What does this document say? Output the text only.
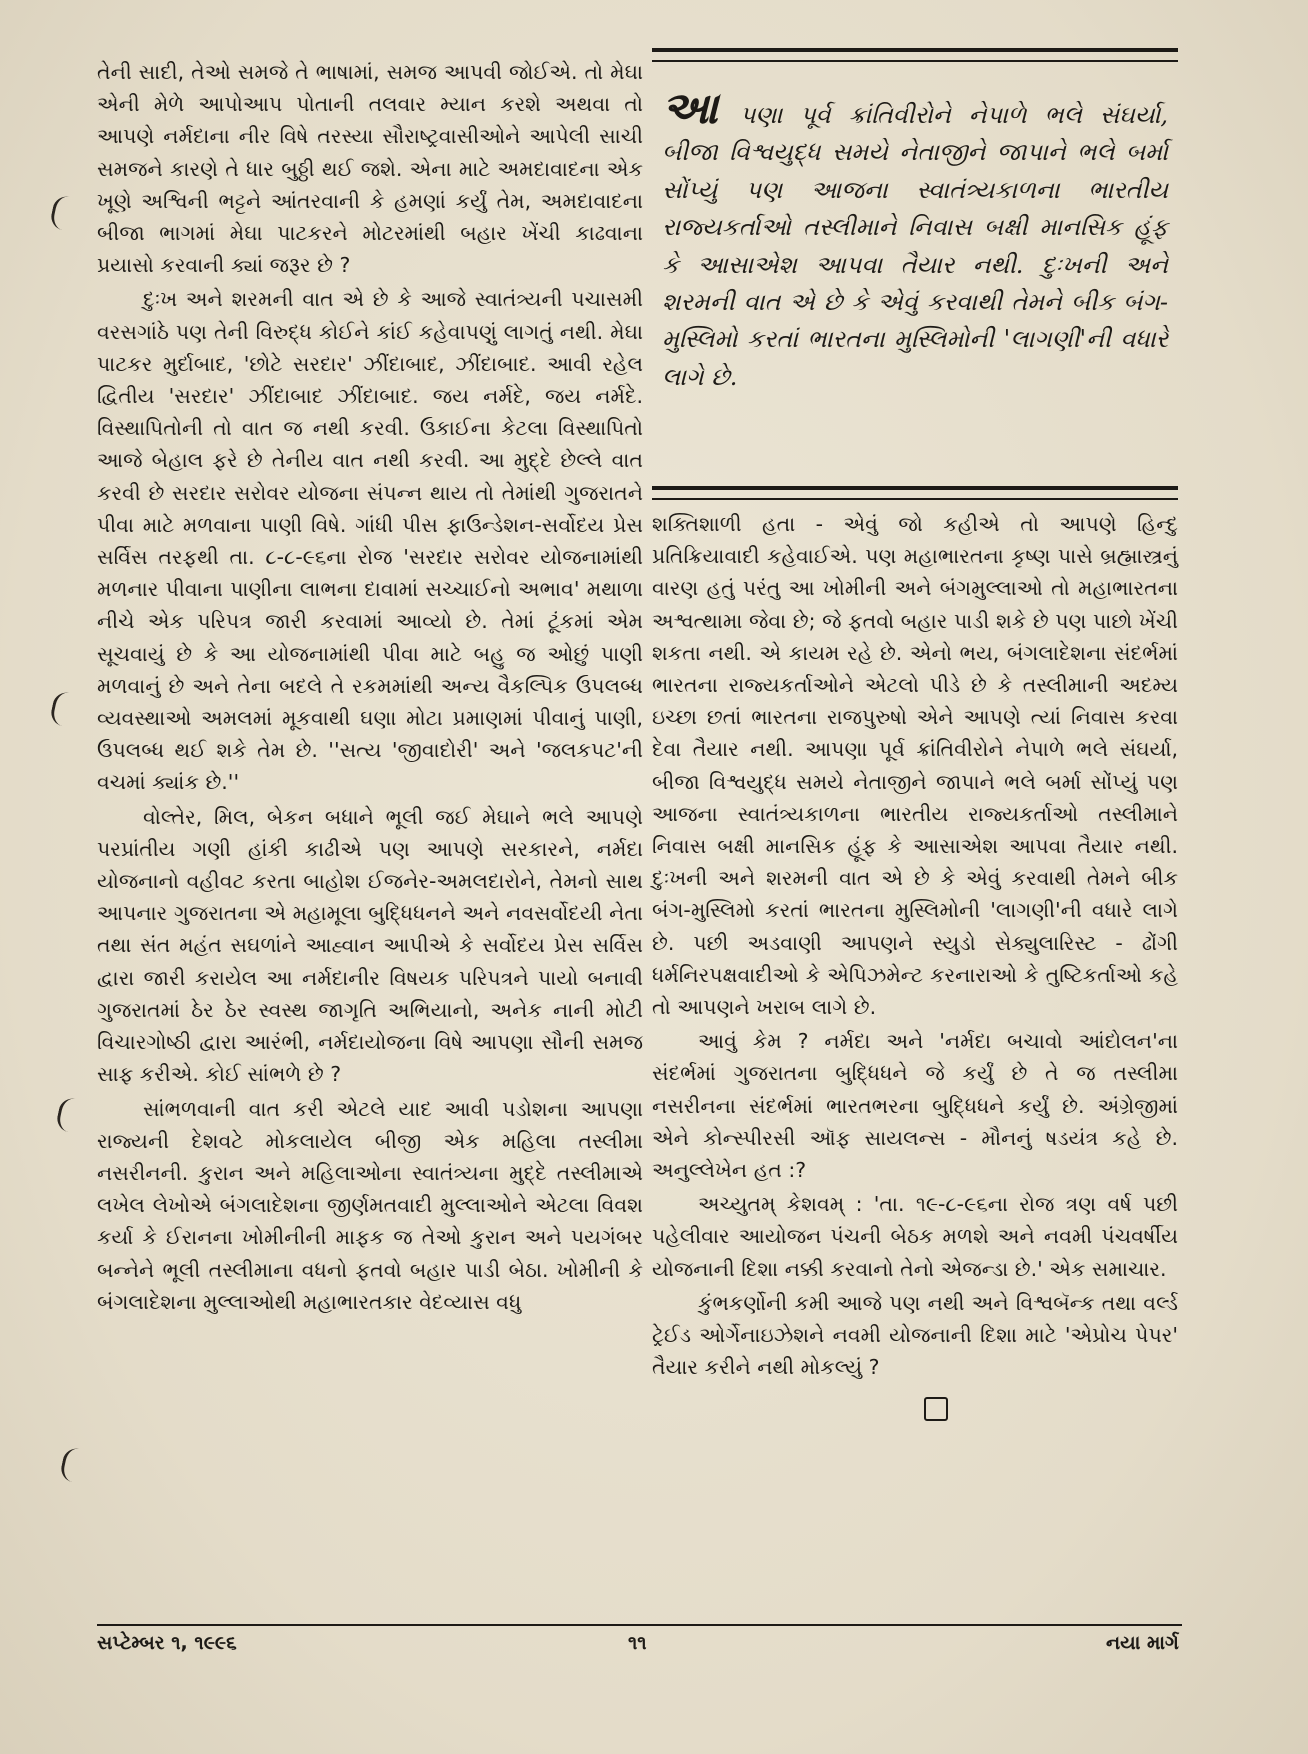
તેની સાદી, તેઓ સમજે તે ભાષામાં, સમજ આપવી જોઈએ. તો મેઘા એની મેળે આપોઆપ પોતાની તલવાર મ્યાન કરશે અથવા તો આપણે નર્મદાના નીર વિષે તરસ્યા સૌરાષ્ટ્રવાસીઓને આપેલી સાચી સમજને કારણે તે ધાર બુઠ્ઠી થઈ જશે. એના માટે અમદાવાદના એક ખૂણે અશ્વિની ભટ્ટને આંતરવાની કે હમણાં કર્યું તેમ, અમદાવાદના બીજા ભાગમાં મેઘા પાટકરને મોટરમાંથી બહાર ખેંચી કાઢવાના પ્રયાસો કરવાની ક્યાં જરૂર છે ?

દુઃખ અને શરમની વાત એ છે કે આજે સ્વાતંત્ર્યની પચાસમી વરસગાંઠે પણ તેની વિરુદ્ધ કોઈને કાંઈ કહેવાપણું લાગતું નથી. મેઘા પાટકર મુર્દાબાદ, 'છોટે સરદાર' ઝીંદાબાદ, ઝીંદાબાદ. આવી રહેલ દ્વિતીય 'સરદાર' ઝીંદાબાદ ઝીંદાબાદ. જય નર્મદે, જય નર્મદે. વિસ્થાપિતોની તો વાત જ નથી કરવી. ઉકાઈના કેટલા વિસ્થાપિતો આજે બેહાલ ફરે છે તેનીય વાત નથી કરવી. આ મુદ્દે છેલ્લે વાત કરવી છે સરદાર સરોવર યોજના સંપન્ન થાય તો તેમાંથી ગુજરાતને પીવા માટે મળવાના પાણી વિષે. ગાંધી પીસ ફાઉન્ડેશન-સર્વોદય પ્રેસ સર્વિસ તરફથી તા. ૮-૮-૯૬ના રોજ 'સરદાર સરોવર યોજનામાંથી મળનાર પીવાના પાણીના લાભના દાવામાં સચ્ચાઈનો અભાવ' મથાળા નીચે એક પરિપત્ર જારી કરવામાં આવ્યો છે. તેમાં ટૂંકમાં એમ સૂચવાયું છે કે આ યોજનામાંથી પીવા માટે બહુ જ ઓછું પાણી મળવાનું છે અને તેના બદલે તે રકમમાંથી અન્ય વૈકલ્પિક ઉપલબ્ધ વ્યવસ્થાઓ અમલમાં મૂકવાથી ઘણા મોટા પ્રમાણમાં પીવાનું પાણી, ઉપલબ્ધ થઈ શકે તેમ છે. ''સત્ય 'જીવાદોરી' અને 'જલકપટ'ની વચમાં ક્યાંક છે.''

વોલ્તેર, મિલ, બેકન બધાને ભૂલી જઈ મેઘાને ભલે આપણે પરપ્રાંતીય ગણી હાંકી કાઢીએ પણ આપણે સરકારને, નર્મદા યોજનાનો વહીવટ કરતા બાહોશ ઈજનેર-અમલદારોને, તેમનો સાથ આપનાર ગુજરાતના એ મહામૂલા બુદ્ધિધનને અને નવસર્વોદયી નેતા તથા સંત મહંત સઘળાંને આહ્વાન આપીએ કે સર્વોદય પ્રેસ સર્વિસ દ્વારા જારી કરાયેલ આ નર્મદાનીર વિષયક પરિપત્રને પાયો બનાવી ગુજરાતમાં ઠેર ઠેર સ્વસ્થ જાગૃતિ અભિયાનો, અનેક નાની મોટી વિચારગોષ્ઠી દ્વારા આરંભી, નર્મદાયોજના વિષે આપણા સૌની સમજ સાફ કરીએ. કોઈ સાંભળે છે ?

સાંભળવાની વાત કરી એટલે યાદ આવી પડોશના આપણા રાજ્યની દેશવટે મોકલાયેલ બીજી એક મહિલા તસ્લીમા નસરીનની. કુરાન અને મહિલાઓના સ્વાતંત્ર્યના મુદ્દે તસ્લીમાએ લખેલ લેખોએ બંગલાદેશના જીર્ણમતવાદી મુલ્લાઓને એટલા વિવશ કર્યા કે ઈરાનના ખોમીનીની માફક જ તેઓ કુરાન અને પયગંબર બન્નેને ભૂલી તસ્લીમાના વધનો ફતવો બહાર પાડી બેઠા. ખોમીની કે બંગલાદેશના મુલ્લાઓથી મહાભારતકાર વેદવ્યાસ વધુ

આ પણા પૂર્વ ક્રાંતિવીરોને નેપાળે ભલે સંઘર્યા, બીજા વિશ્વયુદ્ધ સમયે નેતાજીને જાપાને ભલે બર્મા સોંપ્યું પણ આજના સ્વાતંત્ર્યકાળના ભારતીય રાજ્યકર્તાઓ તસ્લીમાને નિવાસ બક્ષી માનસિક હૂંફ કે આસાએશ આપવા તૈયાર નથી. દુઃખની અને શરમની વાત એ છે કે એવું કરવાથી તેમને બીક બંગ-મુસ્લિમો કરતાં ભારતના મુસ્લિમોની 'લાગણી'ની વધારે લાગે છે.

શક્તિશાળી હતા - એવું જો કહીએ તો આપણે હિન્દુ પ્રતિક્રિયાવાદી કહેવાઈએ. પણ મહાભારતના કૃષ્ણ પાસે બ્રહ્માસ્ત્રનું વારણ હતું પરંતુ આ ખોમીની અને બંગમુલ્લાઓ તો મહાભારતના અશ્વત્થામા જેવા છે; જે ફતવો બહાર પાડી શકે છે પણ પાછો ખેંચી શકતા નથી. એ કાયમ રહે છે. એનો ભય, બંગલાદેશના સંદર્ભમાં ભારતના રાજ્યકર્તાઓને એટલો પીડે છે કે તસ્લીમાની અદમ્ય ઇચ્છા છતાં ભારતના રાજપુરુષો એને આપણે ત્યાં નિવાસ કરવા દેવા તૈયાર નથી. આપણા પૂર્વ ક્રાંતિવીરોને નેપાળે ભલે સંઘર્યા, બીજા વિશ્વયુદ્ધ સમયે નેતાજીને જાપાને ભલે બર્મા સોંપ્યું પણ આજના સ્વાતંત્ર્યકાળના ભારતીય રાજ્યકર્તાઓ તસ્લીમાને નિવાસ બક્ષી માનસિક હૂંફ કે આસાએશ આપવા તૈયાર નથી. દુઃખની અને શરમની વાત એ છે કે એવું કરવાથી તેમને બીક બંગ-મુસ્લિમો કરતાં ભારતના મુસ્લિમોની 'લાગણી'ની વધારે લાગે છે. પછી અડવાણી આપણને સ્યુડો સેક્યુલારિસ્ટ - ઢોંગી ધર્મનિરપક્ષવાદીઓ કે એપિઝમેન્ટ કરનારાઓ કે તુષ્ટિકર્તાઓ કહે તો આપણને ખરાબ લાગે છે.

આવું કેમ ? નર્મદા અને 'નર્મદા બચાવો આંદોલન'ના સંદર્ભમાં ગુજરાતના બુદ્ધિધને જે કર્યું છે તે જ તસ્લીમા નસરીનના સંદર્ભમાં ભારતભરના બુદ્ધિધને કર્યું છે. અંગ્રેજીમાં એને કોન્સ્પીરસી ઑફ સાયલન્સ - મૌનનું ષડયંત્ર કહે છે. અનુલ્લેખેન હત :?

અચ્યુતમ્ કેશવમ્ : 'તા. ૧૯-૮-૯૬ના રોજ ત્રણ વર્ષ પછી પહેલીવાર આયોજન પંચની બેઠક મળશે અને નવમી પંચવર્ષીય યોજનાની દિશા નક્કી કરવાનો તેનો એજન્ડા છે.' એક સમાચાર.

કુંભકર્ણોની કમી આજે પણ નથી અને વિશ્વબૅન્ક તથા વર્લ્ડ ટ્રેઈડ ઓર્ગેનાઇઝેશને નવમી યોજનાની દિશા માટે 'એપ્રોચ પેપર' તૈયાર કરીને નથી મોકલ્યું ?

સપ્ટેમ્બર ૧, ૧૯૯૬	૧૧	નયા માર્ગ
